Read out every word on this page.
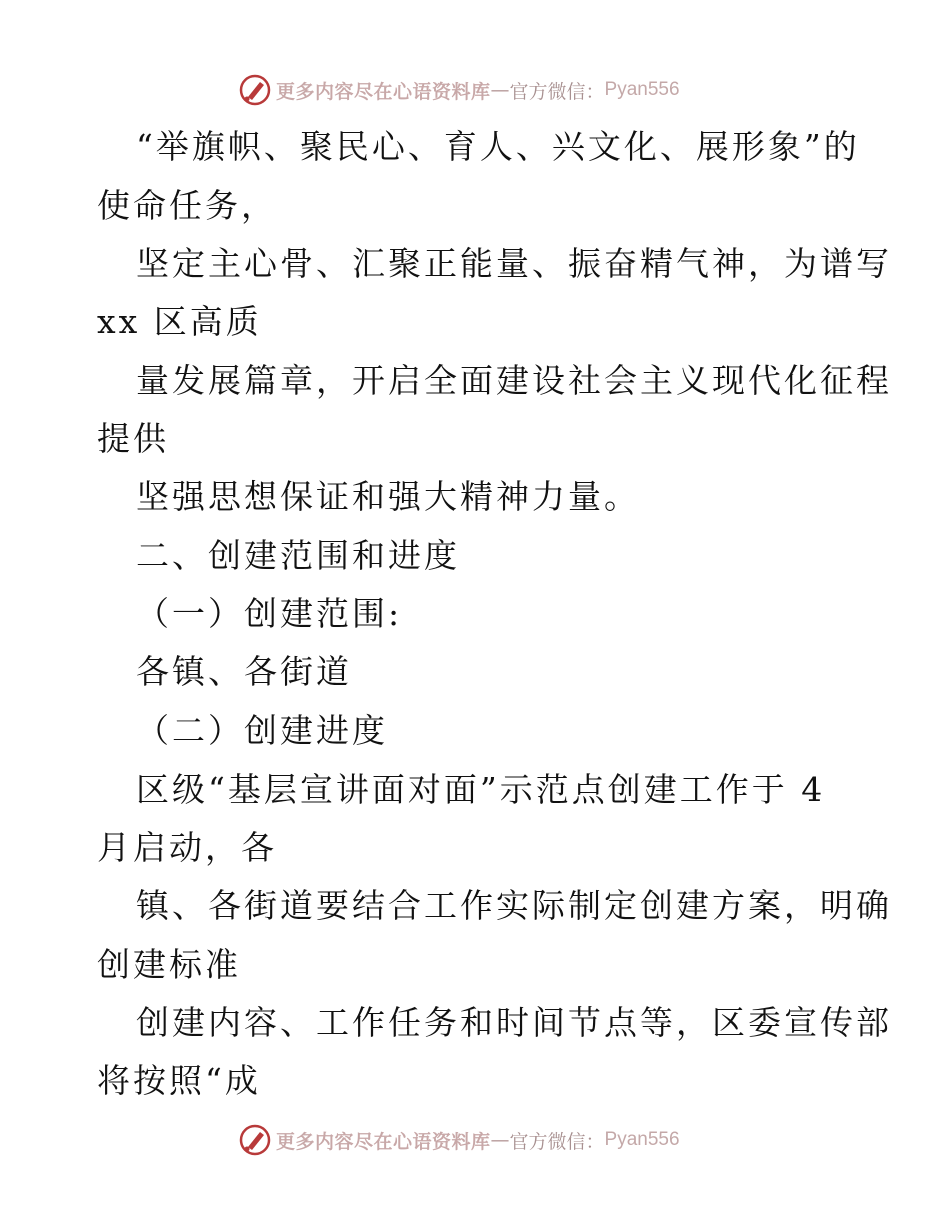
更多内容尽在心语资料库 — 官方微信： Pyan556
“举旗帜、聚民心、育人、兴文化、展形象”的
使命任务，
坚定主心骨、汇聚正能量、振奋精气神，为谱写
xx 区高质
量发展篇章，开启全面建设社会主义现代化征程
提供
坚强思想保证和强大精神力量。
二、创建范围和进度
（一）创建范围:
各镇、各街道
（二）创建进度
区级“基层宣讲面对面”示范点创建工作于 4
月启动，各
镇、各街道要结合工作实际制定创建方案，明确
创建标准
创建内容、工作任务和时间节点等，区委宣传部
将按照“成
更多内容尽在心语资料库 — 官方微信： Pyan556
